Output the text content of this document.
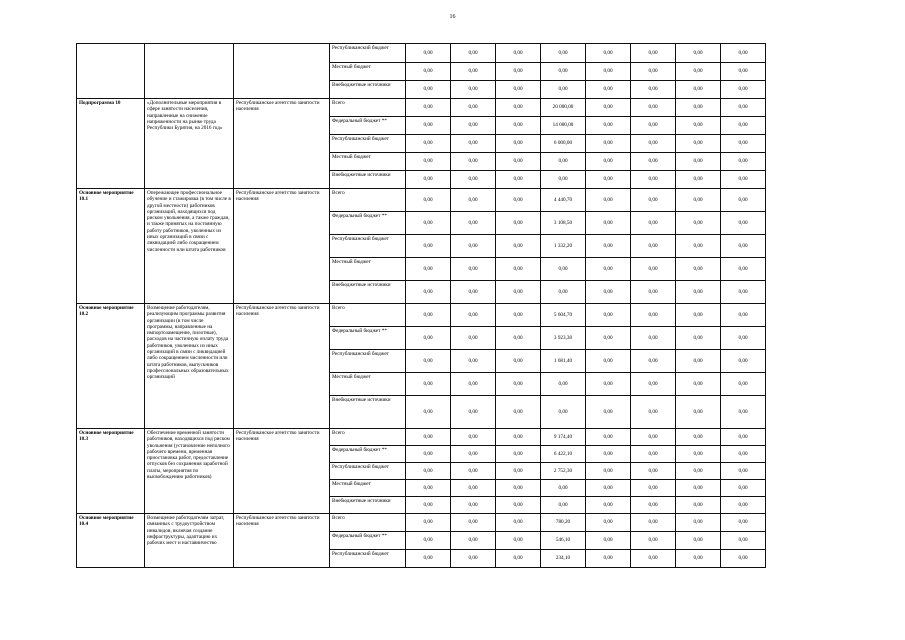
16
			Республиканский бюджет	0,00	0,00	0,00	0,00	0,00	0,00	0,00	0,00
			Местный бюджет	0,00	0,00	0,00	0,00	0,00	0,00	0,00	0,00
			Внебюджетные источники	0,00	0,00	0,00	0,00	0,00	0,00	0,00	0,00
Подпрограмма 10	«Дополнительные мероприятия в сфере занятости населения, направленные на снижение напряженности на рынке труда Республики Бурятия, на 2016 год»	Республиканское агентство занятости населения	Всего	0,00	0,00	0,00	20 000,00	0,00	0,00	0,00	0,00
			Федеральный бюджет **	0,00	0,00	0,00	14 000,00	0,00	0,00	0,00	0,00
			Республиканский бюджет	0,00	0,00	0,00	6 000,00	0,00	0,00	0,00	0,00
			Местный бюджет	0,00	0,00	0,00	0,00	0,00	0,00	0,00	0,00
			Внебюджетные источники	0,00	0,00	0,00	0,00	0,00	0,00	0,00	0,00
Основное мероприятие 10.1	Опережающее профессиональное обучение и стажировка (в том числе в другой местности) работников организаций, находящихся под риском увольнения, а также граждан, и также принятых на постоянную работу работников, уволенных из иных организаций в связи с ликвидацией либо сокращением численности или штата работников	Республиканское агентство занятости населения	Всего	0,00	0,00	0,00	4 440,70	0,00	0,00	0,00	0,00
			Федеральный бюджет **	0,00	0,00	0,00	3 108,50	0,00	0,00	0,00	0,00
			Республиканский бюджет	0,00	0,00	0,00	1 332,20	0,00	0,00	0,00	0,00
			Местный бюджет	0,00	0,00	0,00	0,00	0,00	0,00	0,00	0,00
			Внебюджетные источники	0,00	0,00	0,00	0,00	0,00	0,00	0,00	0,00
Основное мероприятие 10.2	Возмещение работодателям, реализующим программы развития организации (в том числе программы, направленные на импортозамещение, пилотные), расходов на частичную оплату труда работников, уволенных из иных организаций в связи с ликвидацией либо сокращением численности или штата работников, выпускников профессиональных образовательных организаций	Республиканское агентство занятости населения	Всего	0,00	0,00	0,00	5 604,70	0,00	0,00	0,00	0,00
			Федеральный бюджет **	0,00	0,00	0,00	3 923,30	0,00	0,00	0,00	0,00
			Республиканский бюджет	0,00	0,00	0,00	1 681,40	0,00	0,00	0,00	0,00
			Местный бюджет	0,00	0,00	0,00	0,00	0,00	0,00	0,00	0,00
			Внебюджетные источники	0,00	0,00	0,00	0,00	0,00	0,00	0,00	0,00
Основное мероприятие 10.3	Обеспечение временной занятости работников, находящихся под риском увольнения (установление неполного рабочего времени, временная приостановка работ, предоставление отпусков без сохранения заработной платы, мероприятия по высвобождению работников)	Республиканское агентство занятости населения	Всего	0,00	0,00	0,00	9 174,40	0,00	0,00	0,00	0,00
			Федеральный бюджет **	0,00	0,00	0,00	6 422,10	0,00	0,00	0,00	0,00
			Республиканский бюджет	0,00	0,00	0,00	2 752,30	0,00	0,00	0,00	0,00
			Местный бюджет	0,00	0,00	0,00	0,00	0,00	0,00	0,00	0,00
			Внебюджетные источники	0,00	0,00	0,00	0,00	0,00	0,00	0,00	0,00
Основное мероприятие 10.4	Возмещение работодателям затрат, связанных с трудоустройством инвалидов, включая создание инфраструктуры, адаптацию их рабочих мест и наставничество	Республиканское агентство занятости населения	Всего	0,00	0,00	0,00	780,20	0,00	0,00	0,00	0,00
			Федеральный бюджет **	0,00	0,00	0,00	546,10	0,00	0,00	0,00	0,00
			Республиканский бюджет	0,00	0,00	0,00	234,10	0,00	0,00	0,00	0,00
